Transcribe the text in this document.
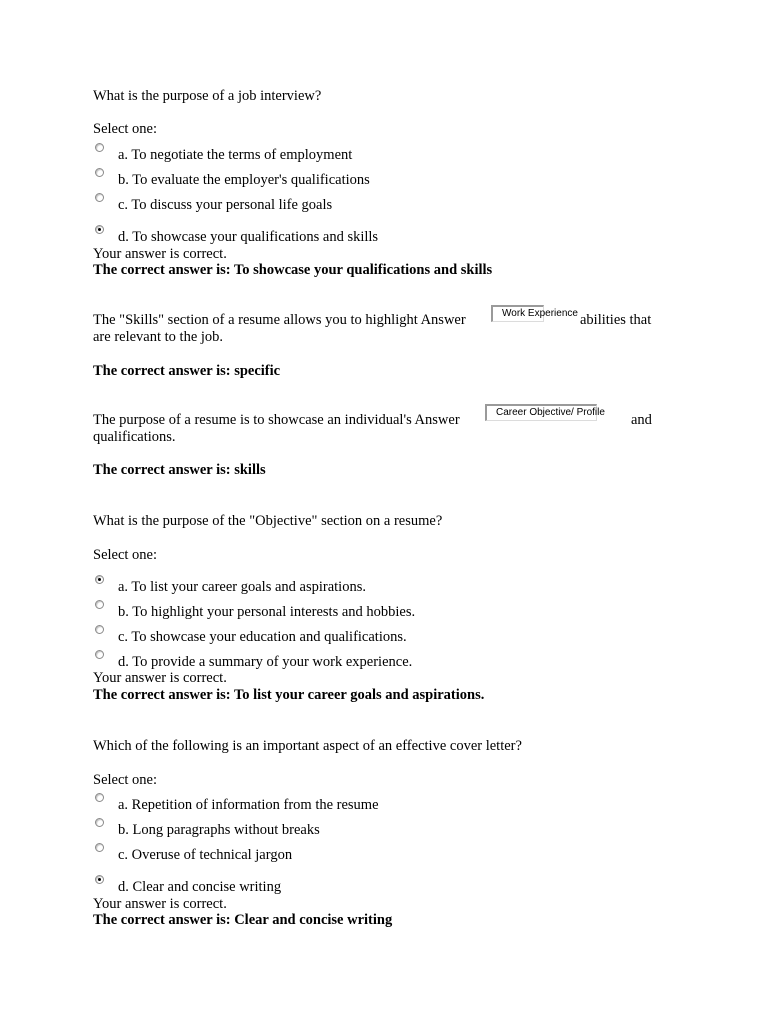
What is the purpose of a job interview?
Select one:
a. To negotiate the terms of employment
b. To evaluate the employer's qualifications
c. To discuss your personal life goals
d. To showcase your qualifications and skills
Your answer is correct.
The correct answer is: To showcase your qualifications and skills
The "Skills" section of a resume allows you to highlight Answer	Work Experience abilities that
are relevant to the job.
The correct answer is: specific
The purpose of a resume is to showcase an individual's Answer	Career Objective/ Profile and
qualifications.
The correct answer is: skills
What is the purpose of the "Objective" section on a resume?
Select one:
a. To list your career goals and aspirations.
b. To highlight your personal interests and hobbies.
c. To showcase your education and qualifications.
d. To provide a summary of your work experience.
Your answer is correct.
The correct answer is: To list your career goals and aspirations.
Which of the following is an important aspect of an effective cover letter?
Select one:
a. Repetition of information from the resume
b. Long paragraphs without breaks
c. Overuse of technical jargon
d. Clear and concise writing
Your answer is correct.
The correct answer is: Clear and concise writing
